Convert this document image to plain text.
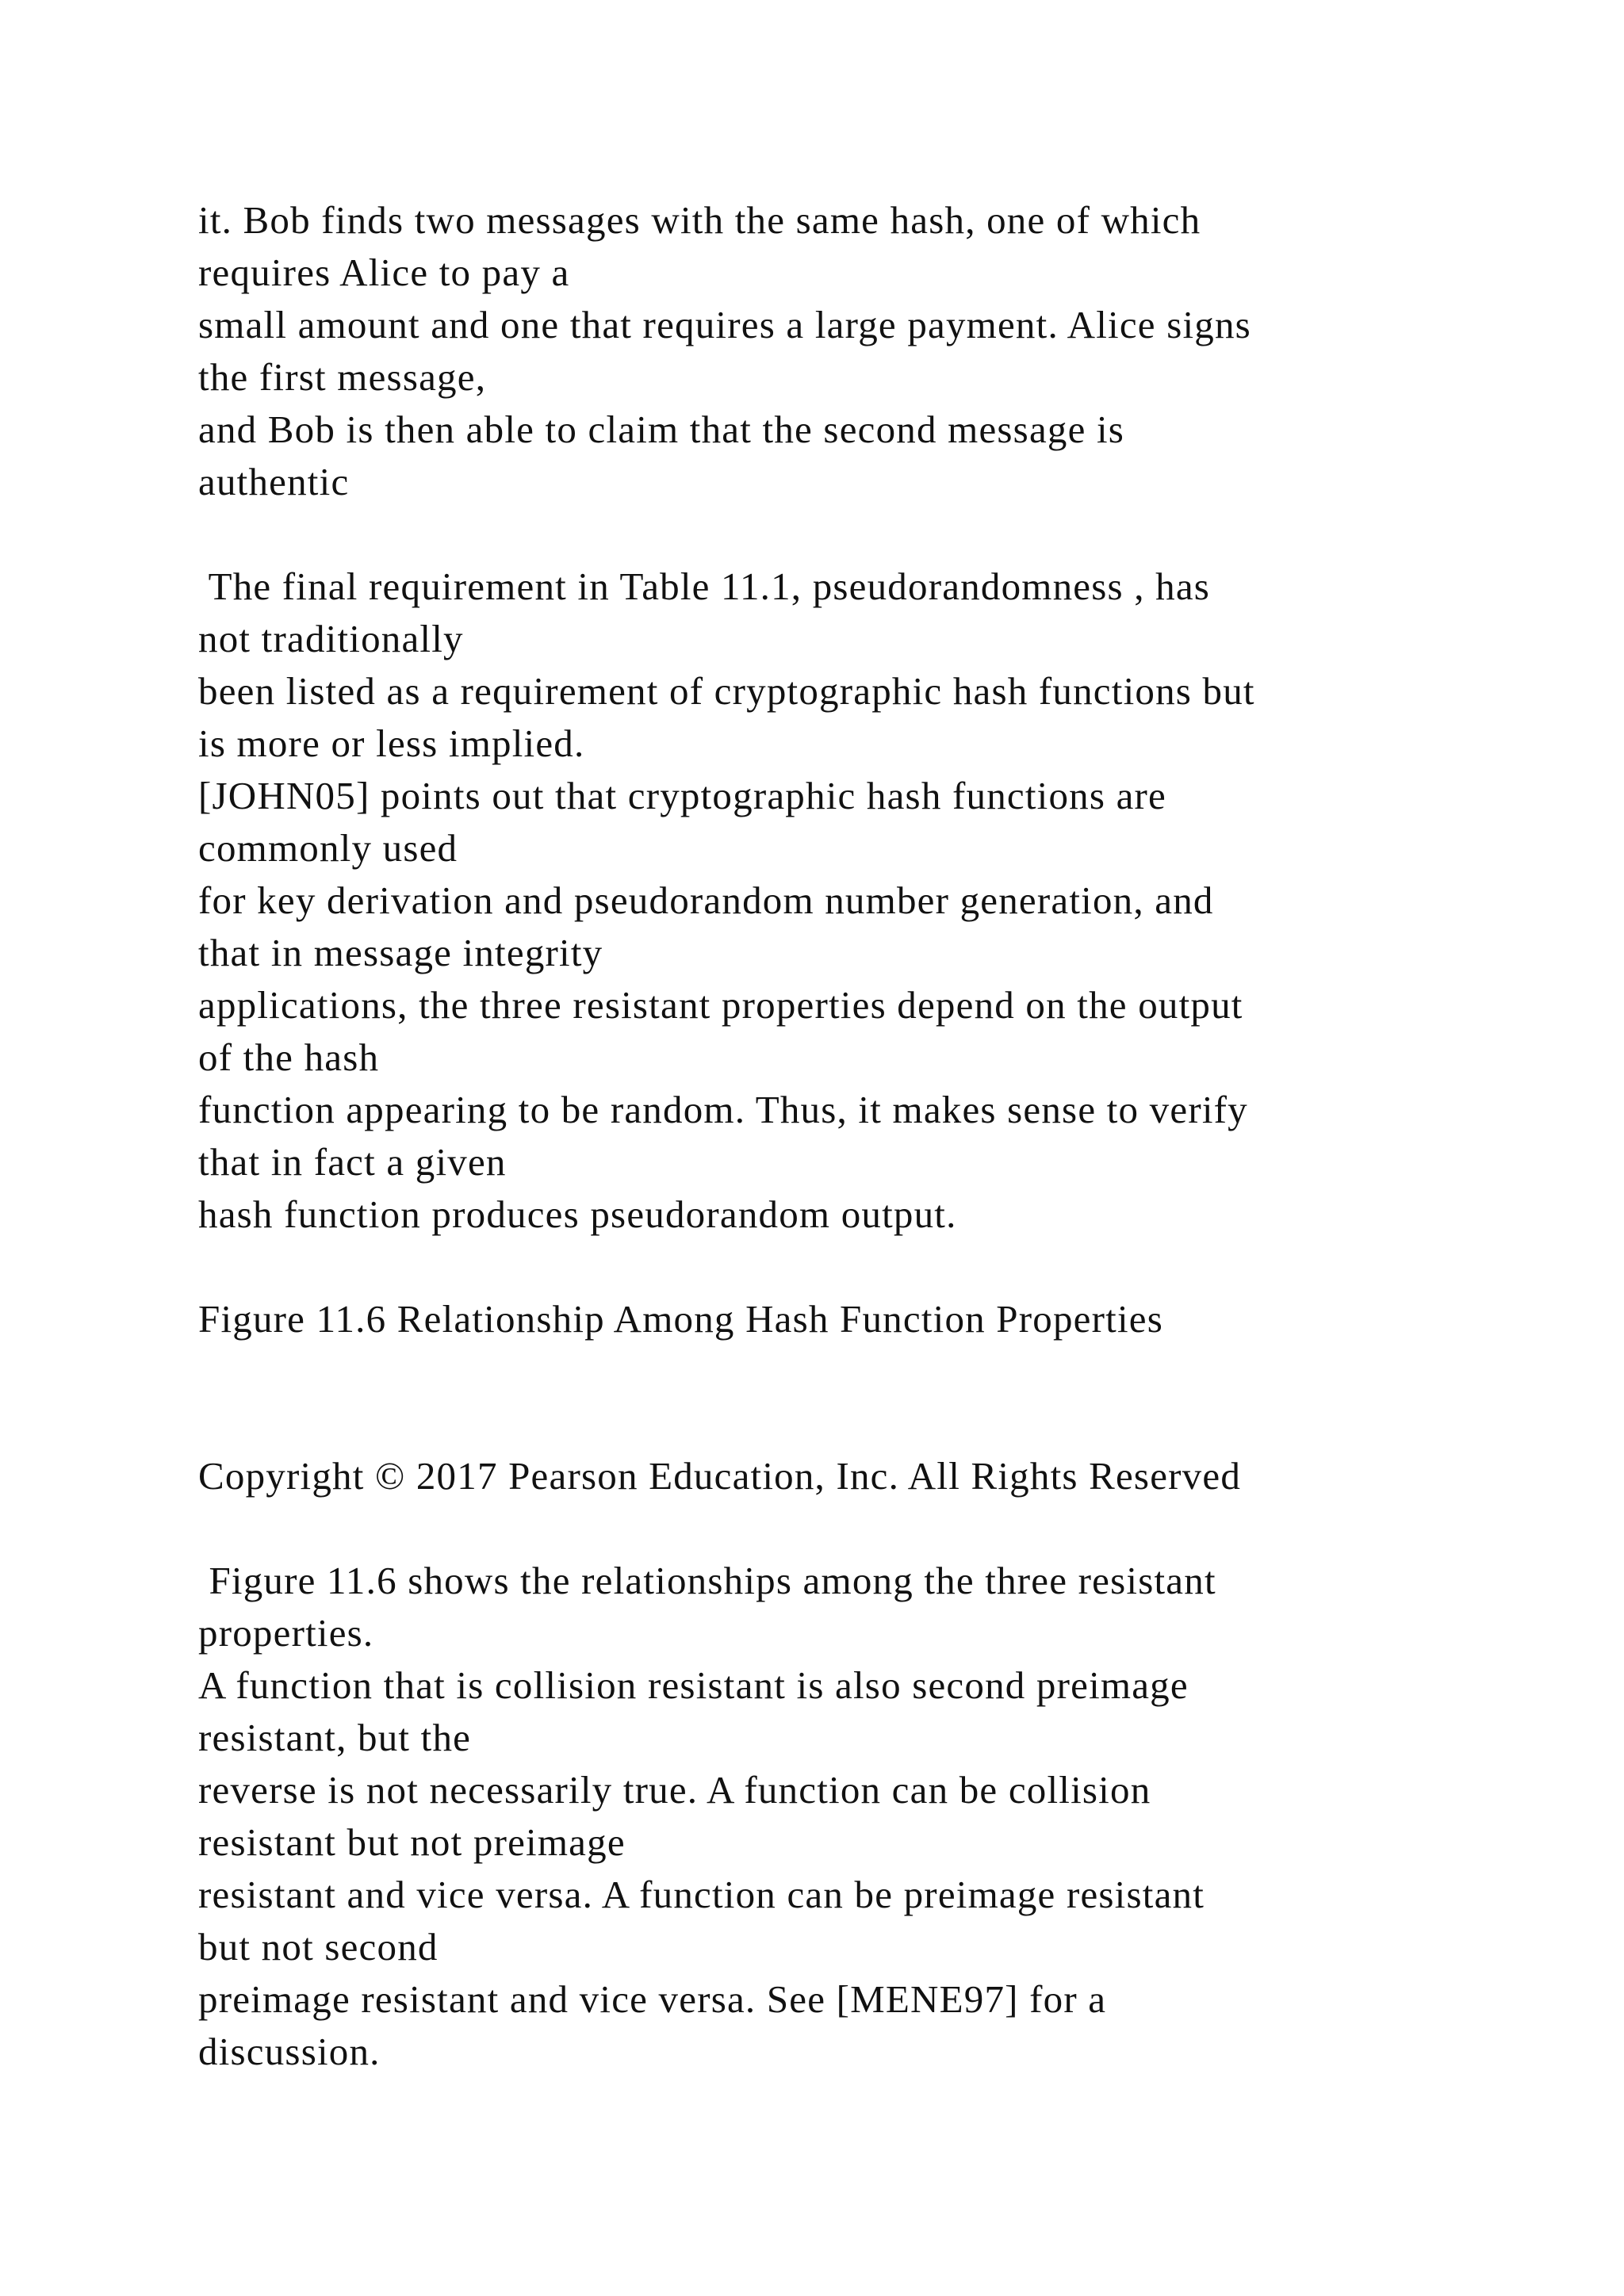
it. Bob finds two messages with the same hash, one of which
requires Alice to pay a
small amount and one that requires a large payment. Alice signs
the first message,
and Bob is then able to claim that the second message is
authentic
The final requirement in Table 11.1, pseudorandomness , has
not traditionally
been listed as a requirement of cryptographic hash functions but
is more or less implied.
[JOHN05] points out that cryptographic hash functions are
commonly used
for key derivation and pseudorandom number generation, and
that in message integrity
applications, the three resistant properties depend on the output
of the hash
function appearing to be random. Thus, it makes sense to verify
that in fact a given
hash function produces pseudorandom output.
Figure 11.6 Relationship Among Hash Function Properties
Copyright © 2017 Pearson Education, Inc. All Rights Reserved
Figure 11.6 shows the relationships among the three resistant
properties.
A function that is collision resistant is also second preimage
resistant, but the
reverse is not necessarily true. A function can be collision
resistant but not preimage
resistant and vice versa. A function can be preimage resistant
but not second
preimage resistant and vice versa. See [MENE97] for a
discussion.
